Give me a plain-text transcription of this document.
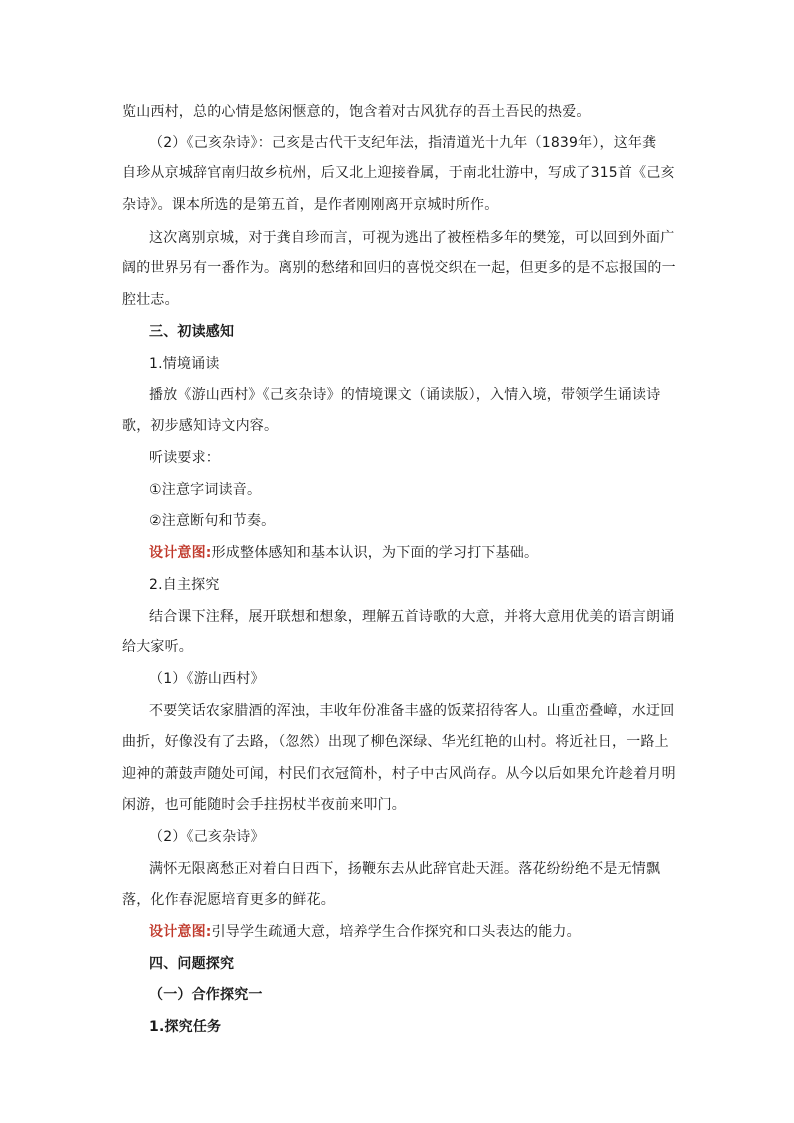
览山西村，总的心情是悠闲惬意的，饱含着对古风犹存的吾土吾民的热爱。
（2）《己亥杂诗》：己亥是古代干支纪年法，指清道光十九年（1839年），这年龚
自珍从京城辞官南归故乡杭州，后又北上迎接眷属，于南北壮游中，写成了315首《己亥
杂诗》。课本所选的是第五首，是作者刚刚离开京城时所作。
这次离别京城，对于龚自珍而言，可视为逃出了被桎梏多年的樊笼，可以回到外面广
阔的世界另有一番作为。离别的愁绪和回归的喜悦交织在一起，但更多的是不忘报国的一
腔壮志。
三、初读感知
1.情境诵读
播放《游山西村》《己亥杂诗》的情境课文（诵读版），入情入境，带领学生诵读诗
歌，初步感知诗文内容。
听读要求：
①注意字词读音。
②注意断句和节奏。
设计意图:形成整体感知和基本认识，为下面的学习打下基础。
2.自主探究
结合课下注释，展开联想和想象，理解五首诗歌的大意，并将大意用优美的语言朗诵
给大家听。
（1）《游山西村》
不要笑话农家腊酒的浑浊，丰收年份准备丰盛的饭菜招待客人。山重峦叠嶂，水迂回
曲折，好像没有了去路，（忽然）出现了柳色深绿、华光红艳的山村。将近社日，一路上
迎神的萧鼓声随处可闻，村民们衣冠简朴，村子中古风尚存。从今以后如果允许趁着月明
闲游，也可能随时会手拄拐杖半夜前来叩门。
（2）《己亥杂诗》
满怀无限离愁正对着白日西下，扬鞭东去从此辞官赴天涯。落花纷纷绝不是无情飘
落，化作春泥愿培育更多的鲜花。
设计意图:引导学生疏通大意，培养学生合作探究和口头表达的能力。
四、问题探究
（一）合作探究一
1.探究任务
